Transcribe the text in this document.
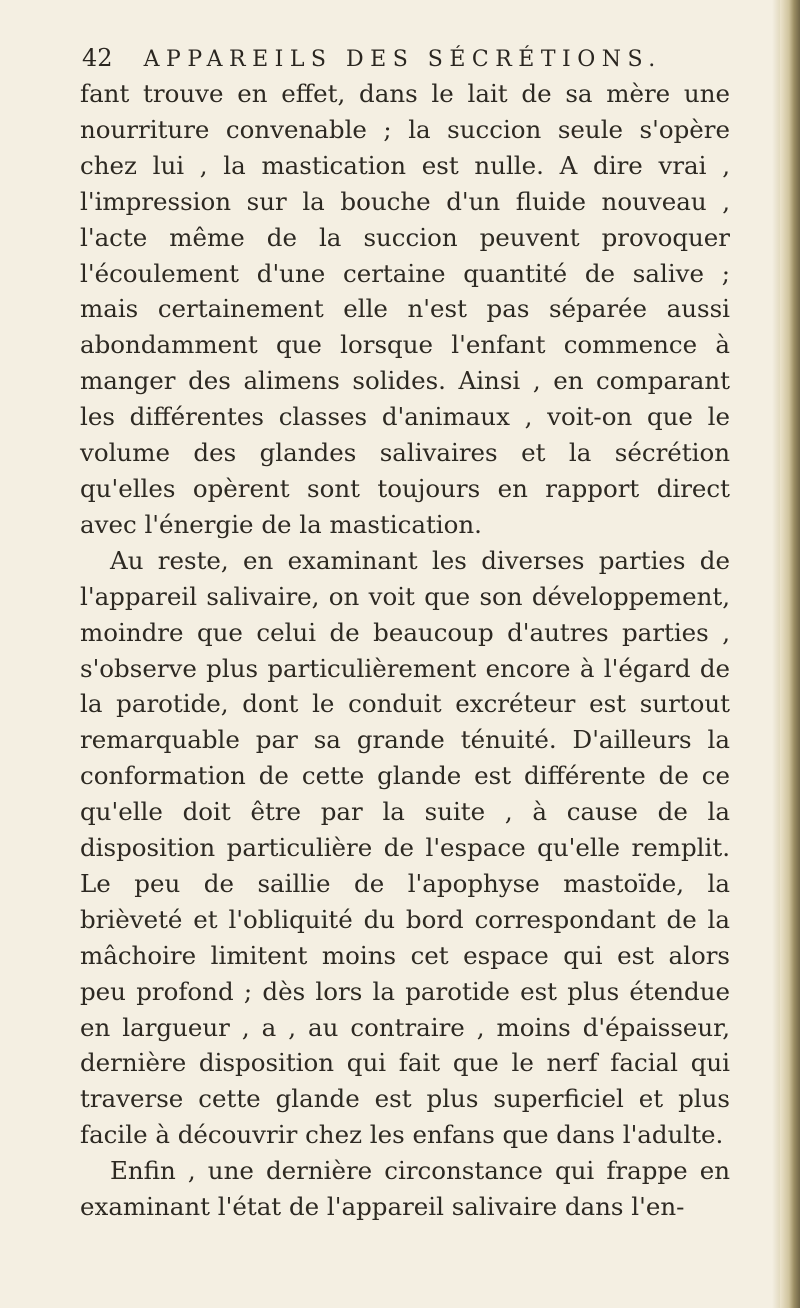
42 APPAREILS DES SÉCRÉTIONS.

fant trouve en effet, dans le lait de sa mère une nourriture convenable ; la succion seule s'opère chez lui , la mastication est nulle. A dire vrai , l'impression sur la bouche d'un fluide nouveau , l'acte même de la succion peuvent provoquer l'écoulement d'une certaine quantité de salive ; mais certainement elle n'est pas séparée aussi abondamment que lorsque l'enfant commence à manger des alimens solides. Ainsi , en comparant les différentes classes d'animaux , voit-on que le volume des glandes salivaires et la sécrétion qu'elles opèrent sont toujours en rapport direct avec l'énergie de la mastication.

Au reste, en examinant les diverses parties de l'appareil salivaire, on voit que son développement, moindre que celui de beaucoup d'autres parties , s'observe plus particulièrement encore à l'égard de la parotide, dont le conduit excréteur est surtout remarquable par sa grande ténuité. D'ailleurs la conformation de cette glande est différente de ce qu'elle doit être par la suite , à cause de la disposition particulière de l'espace qu'elle remplit. Le peu de saillie de l'apophyse mastoïde, la brièveté et l'obliquité du bord correspondant de la mâchoire limitent moins cet espace qui est alors peu profond ; dès lors la parotide est plus étendue en largueur , a , au contraire , moins d'épaisseur, dernière disposition qui fait que le nerf facial qui traverse cette glande est plus superficiel et plus facile à découvrir chez les enfans que dans l'adulte.

Enfin , une dernière circonstance qui frappe en examinant l'état de l'appareil salivaire dans l'en-
